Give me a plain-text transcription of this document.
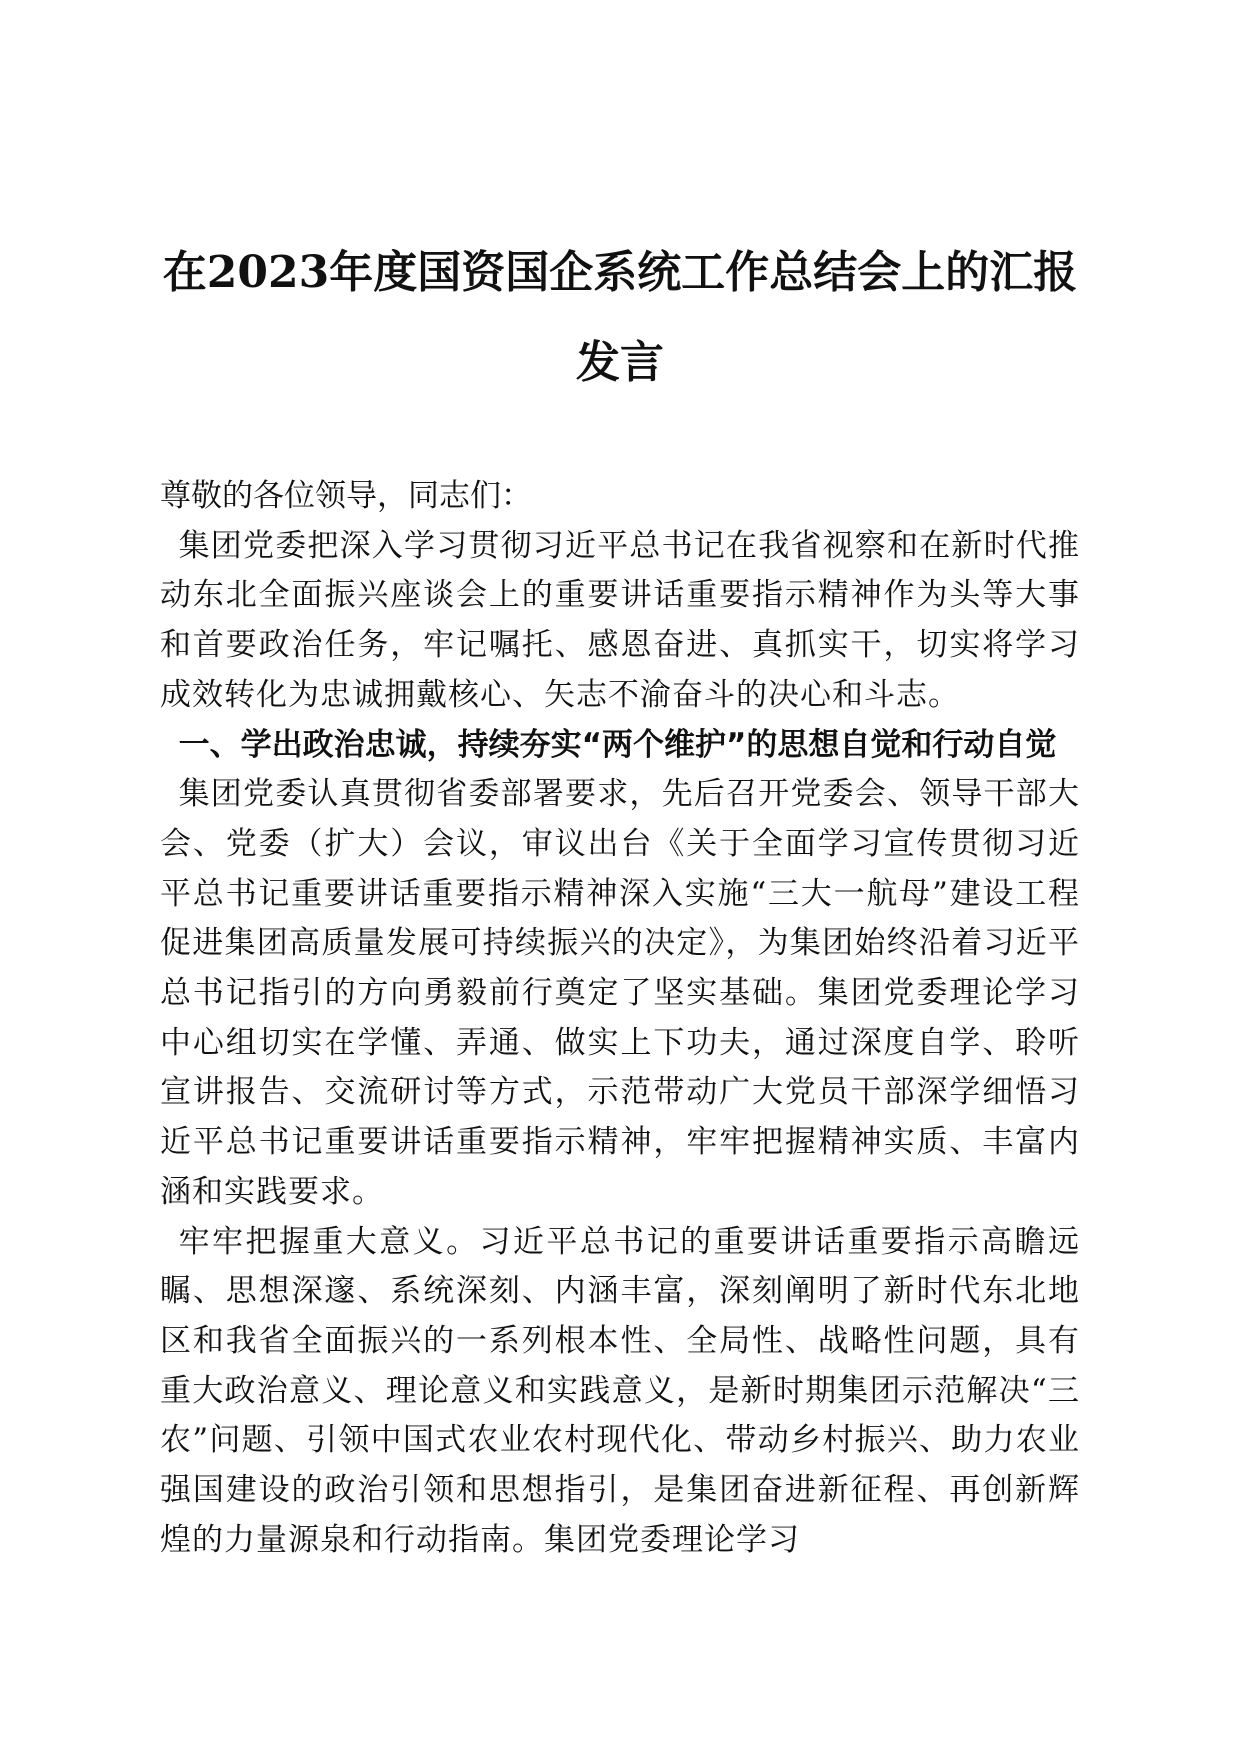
在2023年度国资国企系统工作总结会上的汇报发言

尊敬的各位领导，同志们：

集团党委把深入学习贯彻习近平总书记在我省视察和在新时代推动东北全面振兴座谈会上的重要讲话重要指示精神作为头等大事和首要政治任务，牢记嘱托、感恩奋进、真抓实干，切实将学习成效转化为忠诚拥戴核心、矢志不渝奋斗的决心和斗志。

一、学出政治忠诚，持续夯实“两个维护”的思想自觉和行动自觉

集团党委认真贯彻省委部署要求，先后召开党委会、领导干部大会、党委（扩大）会议，审议出台《关于全面学习宣传贯彻习近平总书记重要讲话重要指示精神深入实施“三大一航母”建设工程促进集团高质量发展可持续振兴的决定》，为集团始终沿着习近平总书记指引的方向勇毅前行奠定了坚实基础。集团党委理论学习中心组切实在学懂、弄通、做实上下功夫，通过深度自学、聆听宣讲报告、交流研讨等方式，示范带动广大党员干部深学细悟习近平总书记重要讲话重要指示精神，牢牢把握精神实质、丰富内涵和实践要求。

牢牢把握重大意义。习近平总书记的重要讲话重要指示高瞻远瞩、思想深邃、系统深刻、内涵丰富，深刻阐明了新时代东北地区和我省全面振兴的一系列根本性、全局性、战略性问题，具有重大政治意义、理论意义和实践意义，是新时期集团示范解决“三农”问题、引领中国式农业农村现代化、带动乡村振兴、助力农业强国建设的政治引领和思想指引，是集团奋进新征程、再创新辉煌的力量源泉和行动指南。集团党委理论学习
